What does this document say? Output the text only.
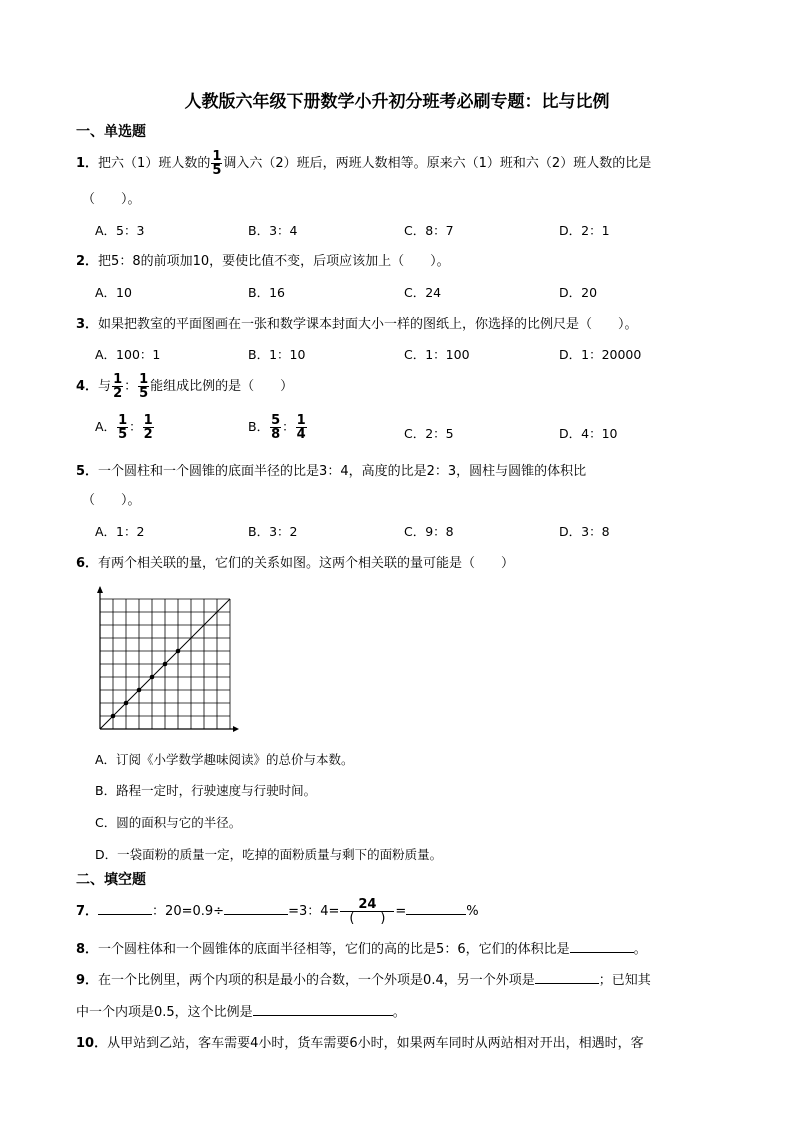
人教版六年级下册数学小升初分班考必刷专题：比与比例
一、单选题
1．把六（1）班人数的 $\frac{1}{5}$ 调入六（2）班后，两班人数相等。原来六（1）班和六（2）班人数的比是
（　　）。
A．5：3	B．3：4	C．8：7	D．2：1
2．把5：8的前项加10，要使比值不变，后项应该加上（　　）。
A．10	B．16	C．24	D．20
3．如果把教室的平面图画在一张和数学课本封面大小一样的图纸上，你选择的比例尺是（　　）。
A．100：1	B．1：10	C．1：100	D．1：20000
4．与 $\frac{1}{2}$ ： $\frac{1}{5}$ 能组成比例的是（　　）
A． $\frac{1}{5}$ ： $\frac{1}{2}$	B． $\frac{5}{8}$ ： $\frac{1}{4}$	C．2：5	D．4：10
5．一个圆柱和一个圆锥的底面半径的比是3：4，高度的比是2：3，圆柱与圆锥的体积比
（　　）。
A．1：2	B．3：2	C．9：8	D．3：8
6．有两个相关联的量，它们的关系如图。这两个相关联的量可能是（　　）
A．订阅《小学数学趣味阅读》的总价与本数。
B．路程一定时，行驶速度与行驶时间。
C．圆的面积与它的半径。
D．一袋面粉的质量一定，吃掉的面粉质量与剩下的面粉质量。
二、填空题
7．	：20=0.9÷	=3：$4= \frac{24}{( )}$ =	%
8．一个圆柱体和一个圆锥体的底面半径相等，它们的高的比是5：6，它们的体积比是	。
9．在一个比例里，两个内项的积是最小的合数，一个外项是0.4，另一个外项是	；已知其
中一个内项是0.5，这个比例是	。
10．从甲站到乙站，客车需要4小时，货车需要6小时，如果两车同时从两站相对开出，相遇时，客
